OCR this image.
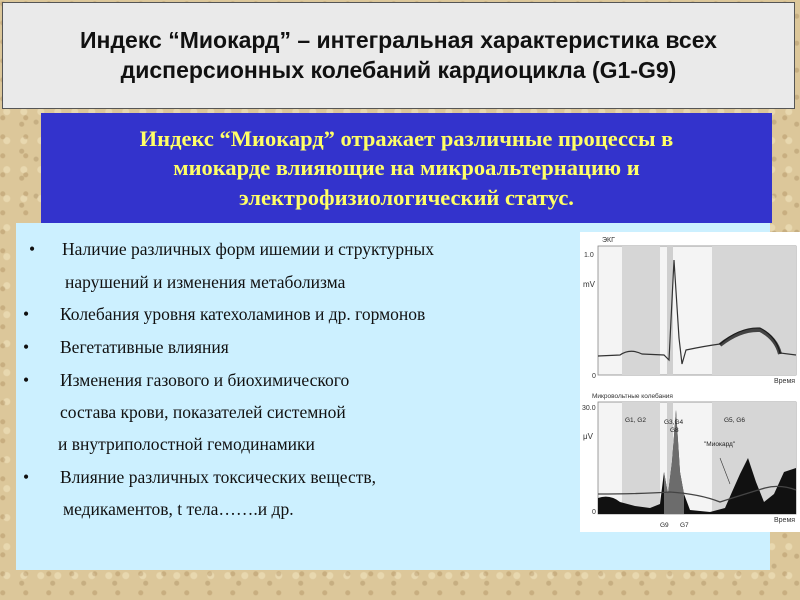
Индекс “Миокард” – интегральная характеристика всех
дисперсионных колебаний кардиоцикла (G1-G9)
Индекс “Миокард” отражает различные процессы в
миокарде влияющие на микроальтернацию и
электрофизиологический статус.
• Наличие различных форм ишемии и структурных
нарушений и изменения метаболизма
• Колебания уровня катехоламинов и др. гормонов
• Вегетативные влияния
• Изменения газового и биохимического
состава крови, показателей системной
и внутриполостной гемодинамики
• Влияние различных токсических веществ,
медикаментов, t тела…….и др.
ЭКГ
1.0
mV
0
Время
Микровольтные колебания
30.0
μV
0
Время
G1, G2	G3,G4
G8
G5, G6
"Миокард"
G9 G7
